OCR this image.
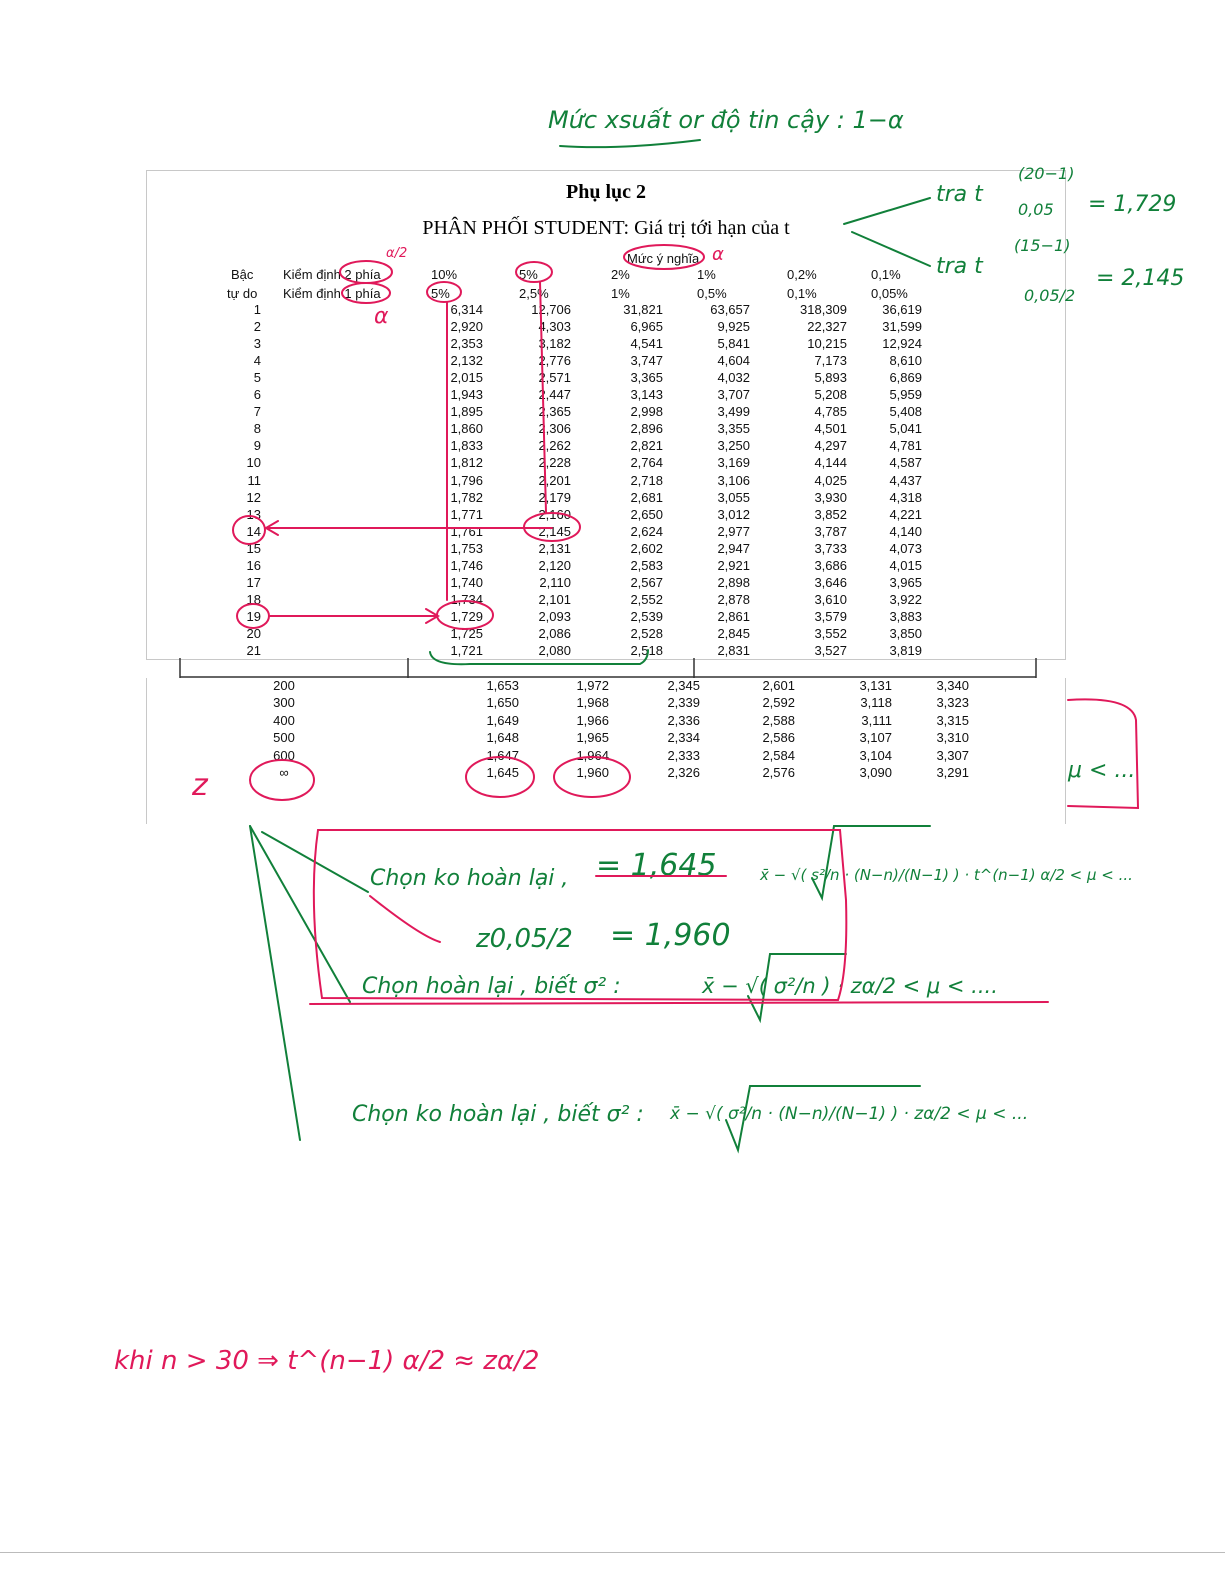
Phụ lục 2
PHÂN PHỐI STUDENT: Giá trị tới hạn của t
Mức ý nghĩa
Bậc
tự do
Kiểm định 2 phía
Kiểm định 1 phía
10%	5%	2%	1%	0,2%	0,1%
5%	2,5%	1%	0,5%	0,1%	0,05%
1	6,314	12,706	31,821	63,657	318,309	36,619
2	2,920	4,303	6,965	9,925	22,327	31,599
3	2,353	3,182	4,541	5,841	10,215	12,924
4	2,132	2,776	3,747	4,604	7,173	8,610
5	2,015	2,571	3,365	4,032	5,893	6,869
6	1,943	2,447	3,143	3,707	5,208	5,959
7	1,895	2,365	2,998	3,499	4,785	5,408
8	1,860	2,306	2,896	3,355	4,501	5,041
9	1,833	2,262	2,821	3,250	4,297	4,781
10	1,812	2,228	2,764	3,169	4,144	4,587
11	1,796	2,201	2,718	3,106	4,025	4,437
12	1,782	2,179	2,681	3,055	3,930	4,318
13	1,771	2,160	2,650	3,012	3,852	4,221
14	1,761	2,145	2,624	2,977	3,787	4,140
15	1,753	2,131	2,602	2,947	3,733	4,073
16	1,746	2,120	2,583	2,921	3,686	4,015
17	1,740	2,110	2,567	2,898	3,646	3,965
18	1,734	2,101	2,552	2,878	3,610	3,922
19	1,729	2,093	2,539	2,861	3,579	3,883
20	1,725	2,086	2,528	2,845	3,552	3,850
21	1,721	2,080	2,518	2,831	3,527	3,819
200	1,653	1,972	2,345	2,601	3,131	3,340
300	1,650	1,968	2,339	2,592	3,118	3,323
400	1,649	1,966	2,336	2,588	3,111	3,315
500	1,648	1,965	2,334	2,586	3,107	3,310
600	1,647	1,964	2,333	2,584	3,104	3,307
∞	1,645	1,960	2,326	2,576	3,090	3,291
Mức xsuất or độ tin cậy : 1−α
tra t
(20−1)
0,05 = 1,729
tra t
(15−1)
0,05/2
= 2,145
α/2
α
α
z	μ < ...
Chọn ko hoàn lại , = 1,645	x̄ − √( s²/n · (N−n)/(N−1) ) · t^(n−1) α/2 < μ < ...
z0,05/2 = 1,960
Chọn hoàn lại , biết σ² :	x̄ − √( σ²/n ) · zα/2 < μ < ....
Chọn ko hoàn lại , biết σ² : x̄ − √( σ²/n · (N−n)/(N−1) ) · zα/2 < μ < ...
khi n > 30 ⇒ t^(n−1) α/2 ≈ zα/2
